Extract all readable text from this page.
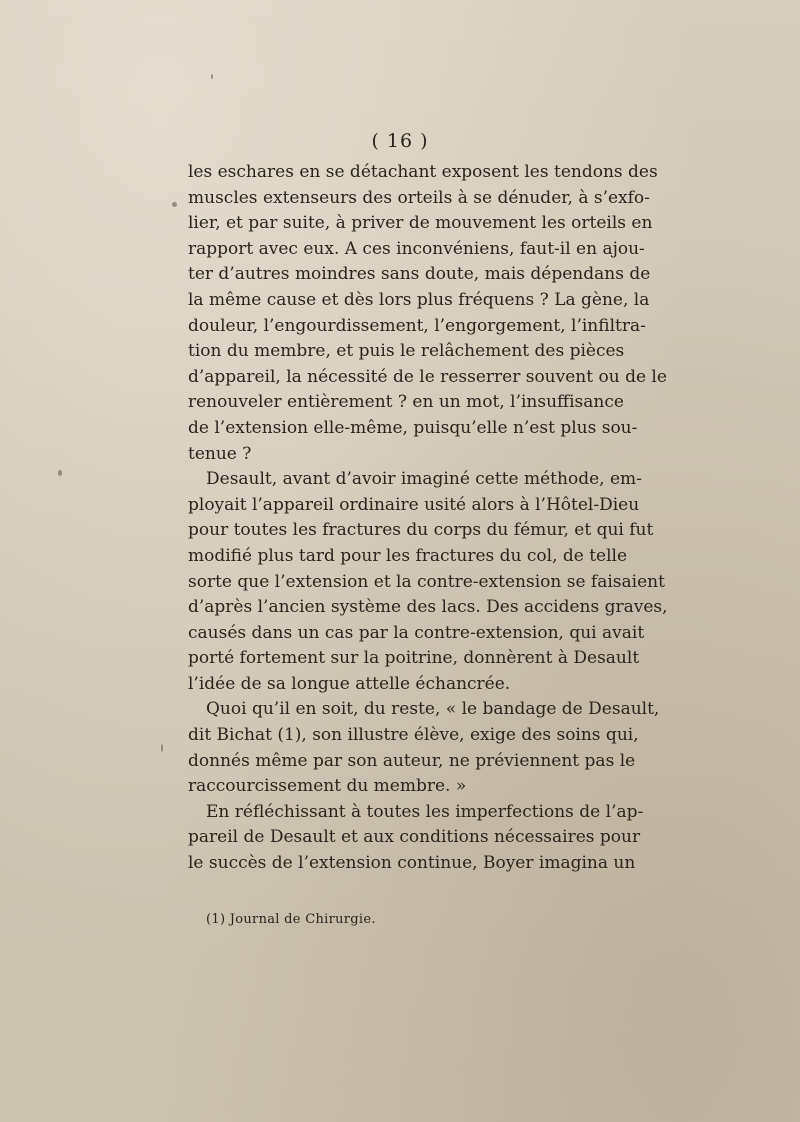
( 16 )
les eschares en se détachant exposent les tendons des
muscles extenseurs des orteils à se dénuder, à s’exfo-
lier, et par suite, à priver de mouvement les orteils en
rapport avec eux. A ces inconvéniens, faut-il en ajou-
ter d’autres moindres sans doute, mais dépendans de
la même cause et dès lors plus fréquens ? La gène, la
douleur, l’engourdissement, l’engorgement, l’infiltra-
tion du membre, et puis le relâchement des pièces
d’appareil, la nécessité de le resserrer souvent ou de le
renouveler entièrement ? en un mot, l’insuffisance
de l’extension elle-même, puisqu’elle n’est plus sou-
tenue ?
Desault, avant d’avoir imaginé cette méthode, em-
ployait l’appareil ordinaire usité alors à l’Hôtel-Dieu
pour toutes les fractures du corps du fémur, et qui fut
modifié plus tard pour les fractures du col, de telle
sorte que l’extension et la contre-extension se faisaient
d’après l’ancien système des lacs. Des accidens graves,
causés dans un cas par la contre-extension, qui avait
porté fortement sur la poitrine, donnèrent à Desault
l’idée de sa longue attelle échancrée.
Quoi qu’il en soit, du reste, « le bandage de Desault,
dit Bichat (1), son illustre élève, exige des soins qui,
donnés même par son auteur, ne préviennent pas le
raccourcissement du membre. »
En réfléchissant à toutes les imperfections de l’ap-
pareil de Desault et aux conditions nécessaires pour
le succès de l’extension continue, Boyer imagina un
(1) Journal de Chirurgie.
